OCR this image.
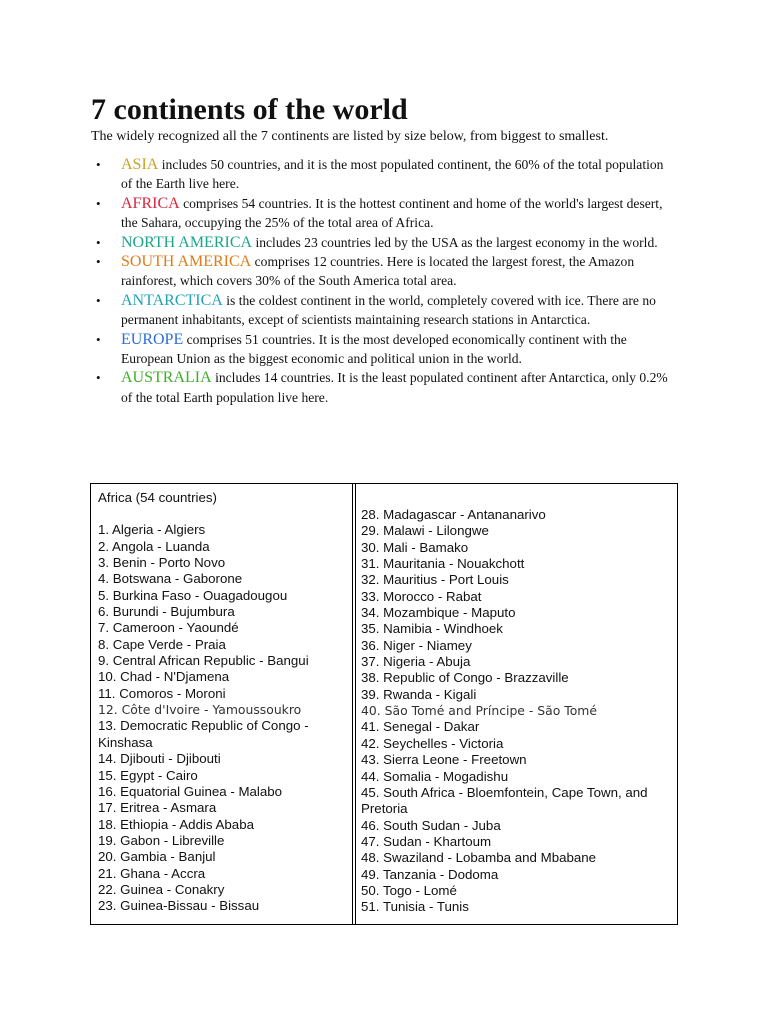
7 continents of the world

The widely recognized all the 7 continents are listed by size below, from biggest to smallest.

• ASIA includes 50 countries, and it is the most populated continent, the 60% of the total population of the Earth live here.
• AFRICA comprises 54 countries. It is the hottest continent and home of the world's largest desert, the Sahara, occupying the 25% of the total area of Africa.
• NORTH AMERICA includes 23 countries led by the USA as the largest economy in the world.
• SOUTH AMERICA comprises 12 countries. Here is located the largest forest, the Amazon rainforest, which covers 30% of the South America total area.
• ANTARCTICA is the coldest continent in the world, completely covered with ice. There are no permanent inhabitants, except of scientists maintaining research stations in Antarctica.
• EUROPE comprises 51 countries. It is the most developed economically continent with the European Union as the biggest economic and political union in the world.
• AUSTRALIA includes 14 countries. It is the least populated continent after Antarctica, only 0.2% of the total Earth population live here.
Africa (54 countries)
1. Algeria - Algiers
2. Angola - Luanda
3. Benin - Porto Novo
4. Botswana - Gaborone
5. Burkina Faso - Ouagadougou
6. Burundi - Bujumbura
7. Cameroon - Yaoundé
8. Cape Verde - Praia
9. Central African Republic - Bangui
10. Chad - N'Djamena
11. Comoros - Moroni
12. Côte d'Ivoire - Yamoussoukro
13. Democratic Republic of Congo - Kinshasa
14. Djibouti - Djibouti
15. Egypt - Cairo
16. Equatorial Guinea - Malabo
17. Eritrea - Asmara
18. Ethiopia - Addis Ababa
19. Gabon - Libreville
20. Gambia - Banjul
21. Ghana - Accra
22. Guinea - Conakry
23. Guinea-Bissau - Bissau
28. Madagascar - Antananarivo
29. Malawi - Lilongwe
30. Mali - Bamako
31. Mauritania - Nouakchott
32. Mauritius - Port Louis
33. Morocco - Rabat
34. Mozambique - Maputo
35. Namibia - Windhoek
36. Niger - Niamey
37. Nigeria - Abuja
38. Republic of Congo - Brazzaville
39. Rwanda - Kigali
40. São Tomé and Príncipe - São Tomé
41. Senegal - Dakar
42. Seychelles - Victoria
43. Sierra Leone - Freetown
44. Somalia - Mogadishu
45. South Africa - Bloemfontein, Cape Town, and Pretoria
46. South Sudan - Juba
47. Sudan - Khartoum
48. Swaziland - Lobamba and Mbabane
49. Tanzania - Dodoma
50. Togo - Lomé
51. Tunisia - Tunis
